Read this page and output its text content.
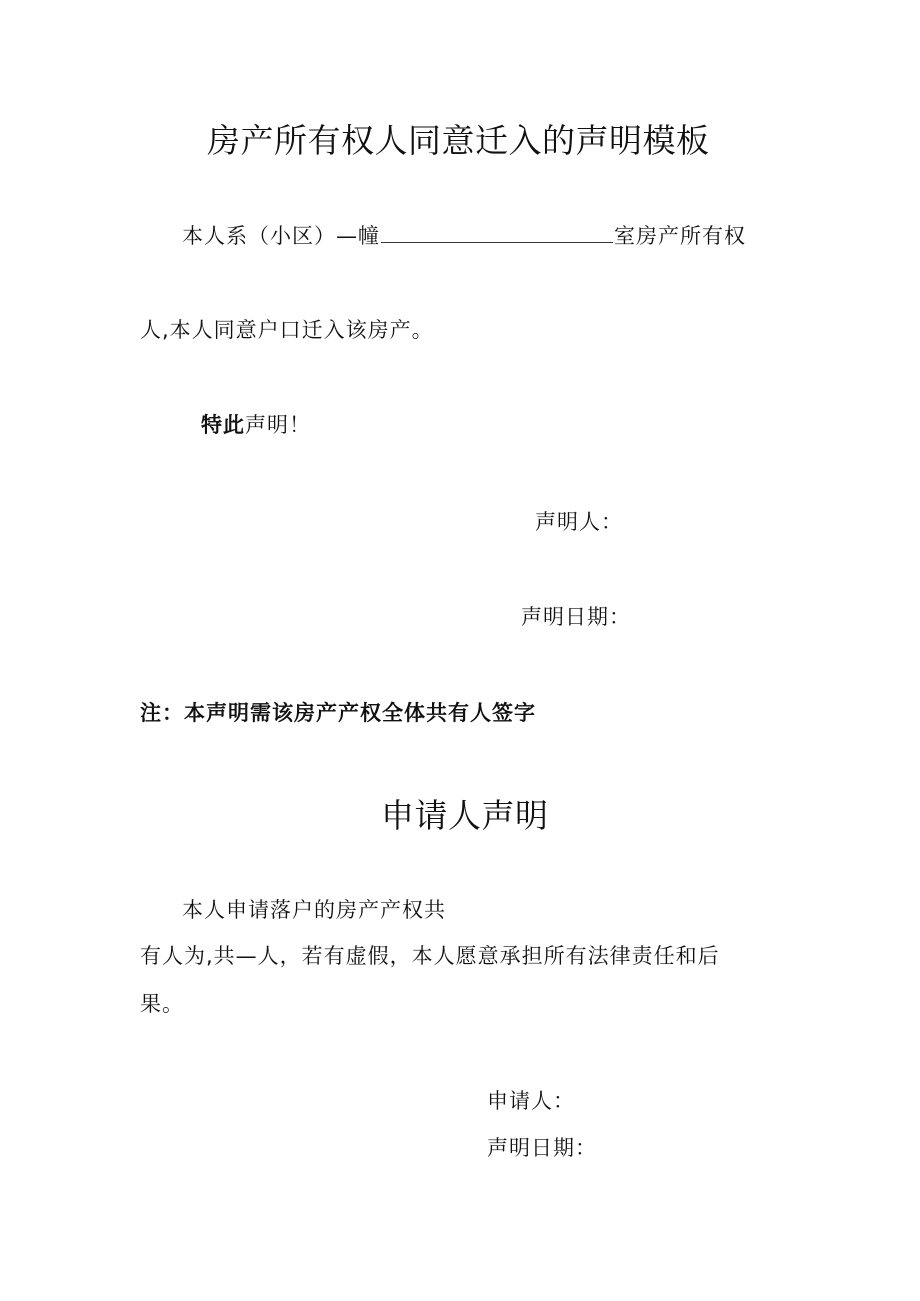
房产所有权人同意迁入的声明模板
本人系（小区）—幢	室房产所有权
人,本人同意户口迁入该房产。
特此声明！
声明人：
声明日期：
注：本声明需该房产产权全体共有人签字
申请人声明
本人申请落户的房产产权共
有人为,共—人，若有虚假，本人愿意承担所有法律责任和后
果。
申请人：
声明日期：
